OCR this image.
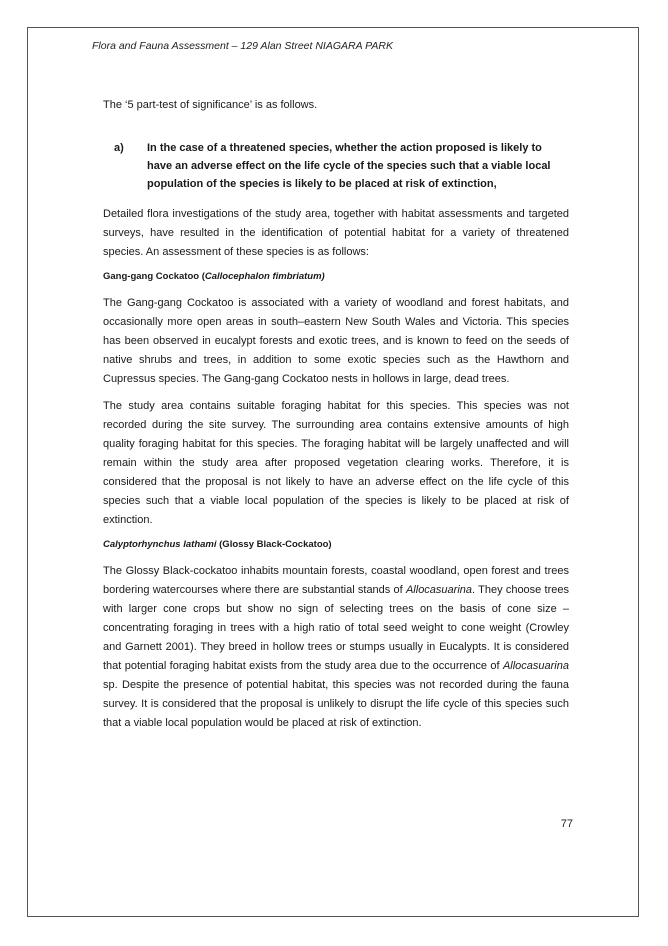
Flora and Fauna Assessment – 129 Alan Street NIAGARA PARK

The ‘5 part-test of significance’ is as follows.

a)	In the case of a threatened species, whether the action proposed is likely to have an adverse effect on the life cycle of the species such that a viable local population of the species is likely to be placed at risk of extinction,

Detailed flora investigations of the study area, together with habitat assessments and targeted surveys, have resulted in the identification of potential habitat for a variety of threatened species. An assessment of these species is as follows:

Gang-gang Cockatoo (Callocephalon fimbriatum)

The Gang-gang Cockatoo is associated with a variety of woodland and forest habitats, and occasionally more open areas in south–eastern New South Wales and Victoria. This species has been observed in eucalypt forests and exotic trees, and is known to feed on the seeds of native shrubs and trees, in addition to some exotic species such as the Hawthorn and Cupressus species. The Gang-gang Cockatoo nests in hollows in large, dead trees.

The study area contains suitable foraging habitat for this species. This species was not recorded during the site survey. The surrounding area contains extensive amounts of high quality foraging habitat for this species. The foraging habitat will be largely unaffected and will remain within the study area after proposed vegetation clearing works. Therefore, it is considered that the proposal is not likely to have an adverse effect on the life cycle of this species such that a viable local population of the species is likely to be placed at risk of extinction.

Calyptorhynchus lathami (Glossy Black-Cockatoo)

The Glossy Black-cockatoo inhabits mountain forests, coastal woodland, open forest and trees bordering watercourses where there are substantial stands of Allocasuarina. They choose trees with larger cone crops but show no sign of selecting trees on the basis of cone size – concentrating foraging in trees with a high ratio of total seed weight to cone weight (Crowley and Garnett 2001). They breed in hollow trees or stumps usually in Eucalypts. It is considered that potential foraging habitat exists from the study area due to the occurrence of Allocasuarina sp. Despite the presence of potential habitat, this species was not recorded during the fauna survey. It is considered that the proposal is unlikely to disrupt the life cycle of this species such that a viable local population would be placed at risk of extinction.

77
